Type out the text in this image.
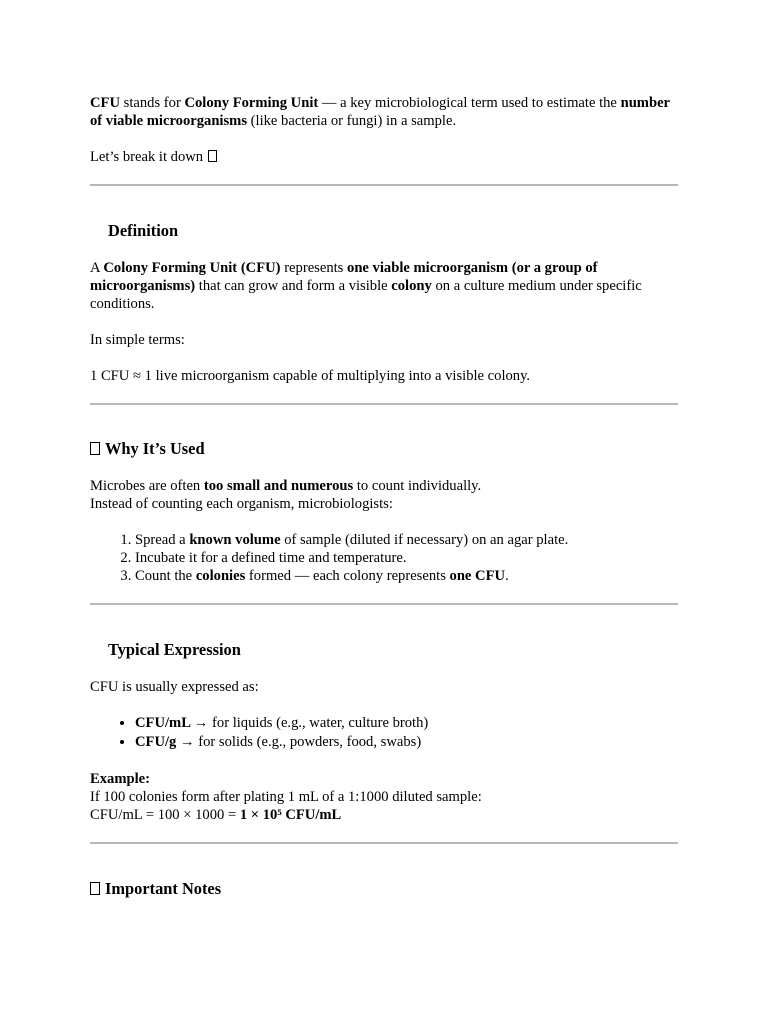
CFU stands for Colony Forming Unit — a key microbiological term used to estimate the number of viable microorganisms (like bacteria or fungi) in a sample.

Let’s break it down

Definition

A Colony Forming Unit (CFU) represents one viable microorganism (or a group of microorganisms) that can grow and form a visible colony on a culture medium under specific conditions.

In simple terms:

1 CFU ≈ 1 live microorganism capable of multiplying into a visible colony.

Why It’s Used

Microbes are often too small and numerous to count individually.

Instead of counting each organism, microbiologists:

1. Spread a known volume of sample (diluted if necessary) on an agar plate.
2. Incubate it for a defined time and temperature.
3. Count the colonies formed — each colony represents one CFU.
Typical Expression

CFU is usually expressed as:

• CFU/mL → for liquids (e.g., water, culture broth)
• CFU/g → for solids (e.g., powders, food, swabs)

Example:

If 100 colonies form after plating 1 mL of a 1:1000 diluted sample:

CFU/mL = 100 × 1000 = 1 × 10⁵ CFU/mL

Important Notes
